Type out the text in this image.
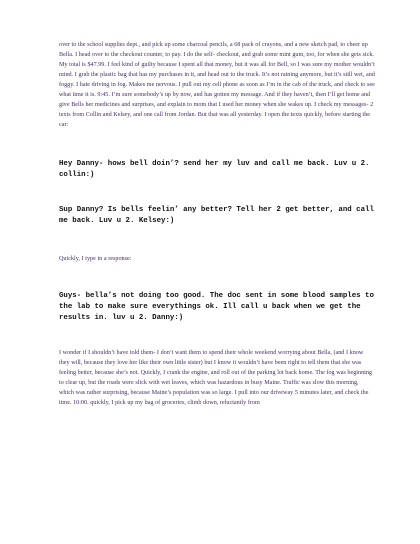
over to the school supplies dept., and pick up some charcoal pencils, a 68 pack of crayons, and a new sketch pad, to cheer up Bella. I head over to the checkout counter, to pay. I do the self- checkout, and grab some mint gum, too, for when she gets sick. My total is $47.99. I feel kind of guilty because I spent all that money, but it was all for Bell, so I was sure my mother wouldn’t mind. I grab the plastic bag that has my purchases in it, and head out to the truck. It’s not raining anymore, but it’s still wet, and foggy. I hate driving in fog. Makes me nervous. I pull out my cell phone as soon as I’m in the cab of the truck, and check to see what time it is. 9:45. I’m sure somebody’s up by now, and has gotten my message. And if they haven’t, then I’ll get home and give Bells her medicines and surprises, and explain to mom that I used her money when she wakes up. I check my messages- 2 texts from Collin and Kelsey, and one call from Jordan. But that was all yesterday. I open the texts quickly, before starting the car:

Hey Danny- hows bell doin’? send her my luv and call me back. Luv u 2. collin:)

Sup Danny? Is bells feelin’ any better? Tell her 2 get better, and call me back. Luv u 2. Kelsey:)

Quickly, I type in a response:

Guys- bella’s not doing too good. The doc sent in some blood samples to the lab to make sure everythings ok. Ill call u back when we get the results in. luv u 2. Danny:)

I wonder if I shouldn’t have told them- I don’t want them to spend their whole weekend worrying about Bella, (and I know they will, because they love her like their own little sister) but I know it wouldn’t have been right to tell them that she was feeling better, because she’s not. Quickly, I crank the engine, and roll out of the parking lot back home. The fog was beginning to clear up, but the roads were slick with wet leaves, which was hazardous in busy Maine. Traffic was slow this morning, which was rather surprising, because Maine’s population was so large. I pull into our driveway 5 minutes later, and check the time. 10:00. quickly, I pick up my bag of groceries, climb down, reluctantly from
